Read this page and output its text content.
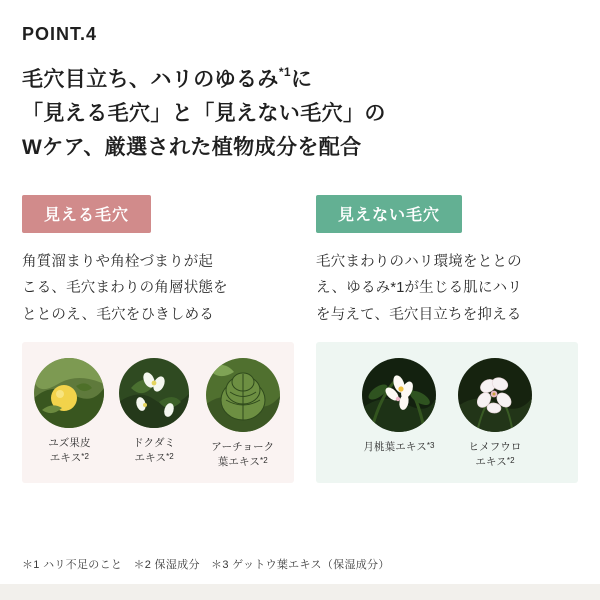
POINT.4
毛穴目立ち、ハリのゆるみ$^{*1}$に
「見える毛穴」と「見えない毛穴」の
Wケア、厳選された植物成分を配合
見える毛穴
角質溜まりや角栓づまりが起
こる、毛穴まわりの角層状態を
ととのえ、毛穴をひきしめる
ユズ果皮
エキス$^{*2}$
ドクダミ
エキス$^{*2}$
アーチョーク
葉エキス$^{*2}$
見えない毛穴
毛穴まわりのハリ環境をととの
え、ゆるみ*1が生じる肌にハリ
を与えて、毛穴目立ちを抑える
月桃葉エキス$^{*3}$	ヒメフウロ
エキス$^{*2}$
＊1 ハリ不足のこと　＊2 保湿成分　＊3 ゲットウ葉エキス（保湿成分）
